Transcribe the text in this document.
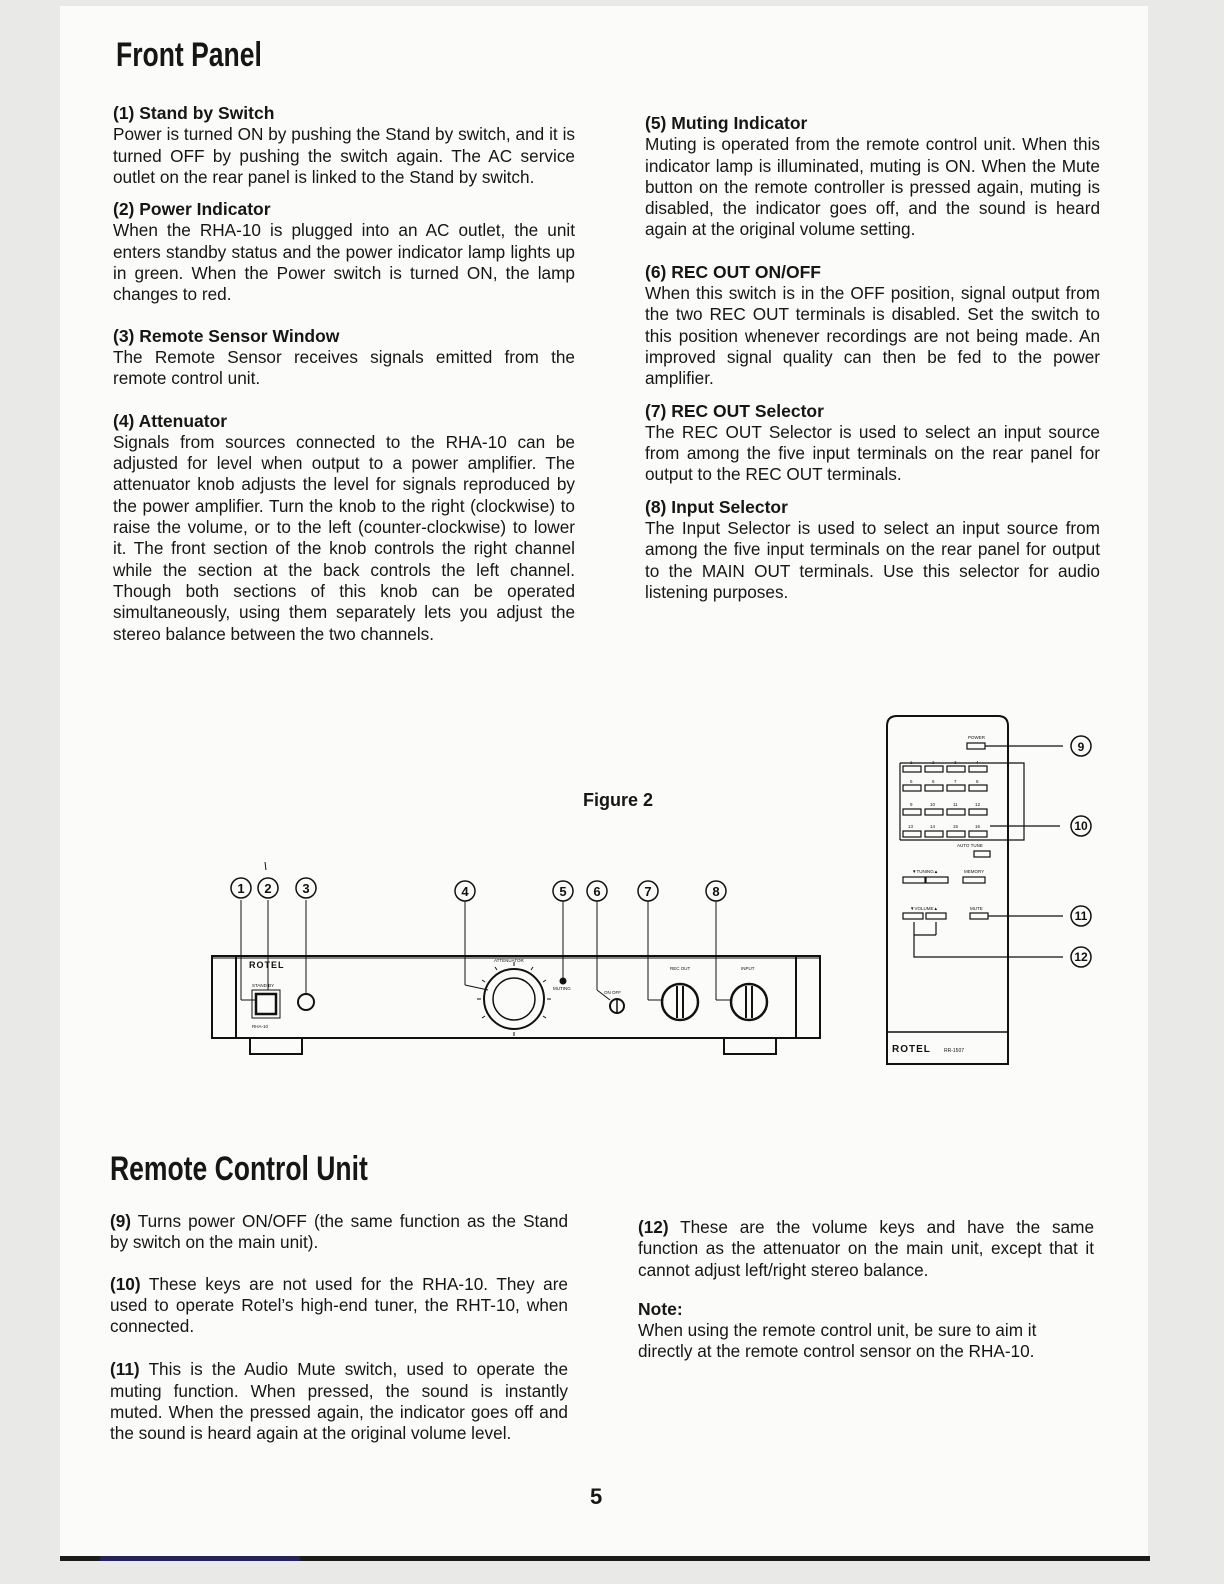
Front Panel
(1) Stand by Switch

Power is turned ON by pushing the Stand by switch, and it is turned OFF by pushing the switch again. The AC service outlet on the rear panel is linked to the Stand by switch.

(2) Power Indicator

When the RHA-10 is plugged into an AC outlet, the unit enters standby status and the power indicator lamp lights up in green. When the Power switch is turned ON, the lamp changes to red.

(3) Remote Sensor Window

The Remote Sensor receives signals emitted from the remote control unit.

(4) Attenuator

Signals from sources connected to the RHA-10 can be adjusted for level when output to a power amplifier. The attenuator knob adjusts the level for signals reproduced by the power amplifier. Turn the knob to the right (clockwise) to raise the volume, or to the left (counter-clockwise) to lower it. The front section of the knob controls the right channel while the section at the back controls the left channel. Though both sections of this knob can be operated simultaneously, using them separately lets you adjust the stereo balance between the two channels.

(5) Muting Indicator

Muting is operated from the remote control unit. When this indicator lamp is illuminated, muting is ON. When the Mute button on the remote controller is pressed again, muting is disabled, the indicator goes off, and the sound is heard again at the original volume setting.

(6) REC OUT ON/OFF

When this switch is in the OFF position, signal output from the two REC OUT terminals is disabled. Set the switch to this position whenever recordings are not being made. An improved signal quality can then be fed to the power amplifier.

(7) REC OUT Selector

The REC OUT Selector is used to select an input source from among the five input terminals on the rear panel for output to the REC OUT terminals.

(8) Input Selector

The Input Selector is used to select an input source from among the five input terminals on the rear panel for output to the MAIN OUT terminals. Use this selector for audio listening purposes.

Figure 2
ROTEL
STAND BY
RHA-10
ATTENUATOR
MUTING
ON OFF
REC OUT	INPUT
1 2 3	4	5 6	7	8
POWER
1	2	3	4
5	6	7	8
9	10	11	12
13	14	15	16
AUTO TUNE
▼TUNING▲	MEMORY
▼VOLUME▲	MUTE
ROTEL	RR-1507
9
10
11
12
Remote Control Unit

(9) Turns power ON/OFF (the same function as the Stand by switch on the main unit).

(10) These keys are not used for the RHA-10. They are used to operate Rotel’s high-end tuner, the RHT-10, when connected.

(11) This is the Audio Mute switch, used to operate the muting function. When pressed, the sound is instantly muted. When the pressed again, the indicator goes off and the sound is heard again at the original volume level.

(12) These are the volume keys and have the same function as the attenuator on the main unit, except that it cannot adjust left/right stereo balance.

Note:

When using the remote control unit, be sure to aim it directly at the remote control sensor on the RHA-10.

5
